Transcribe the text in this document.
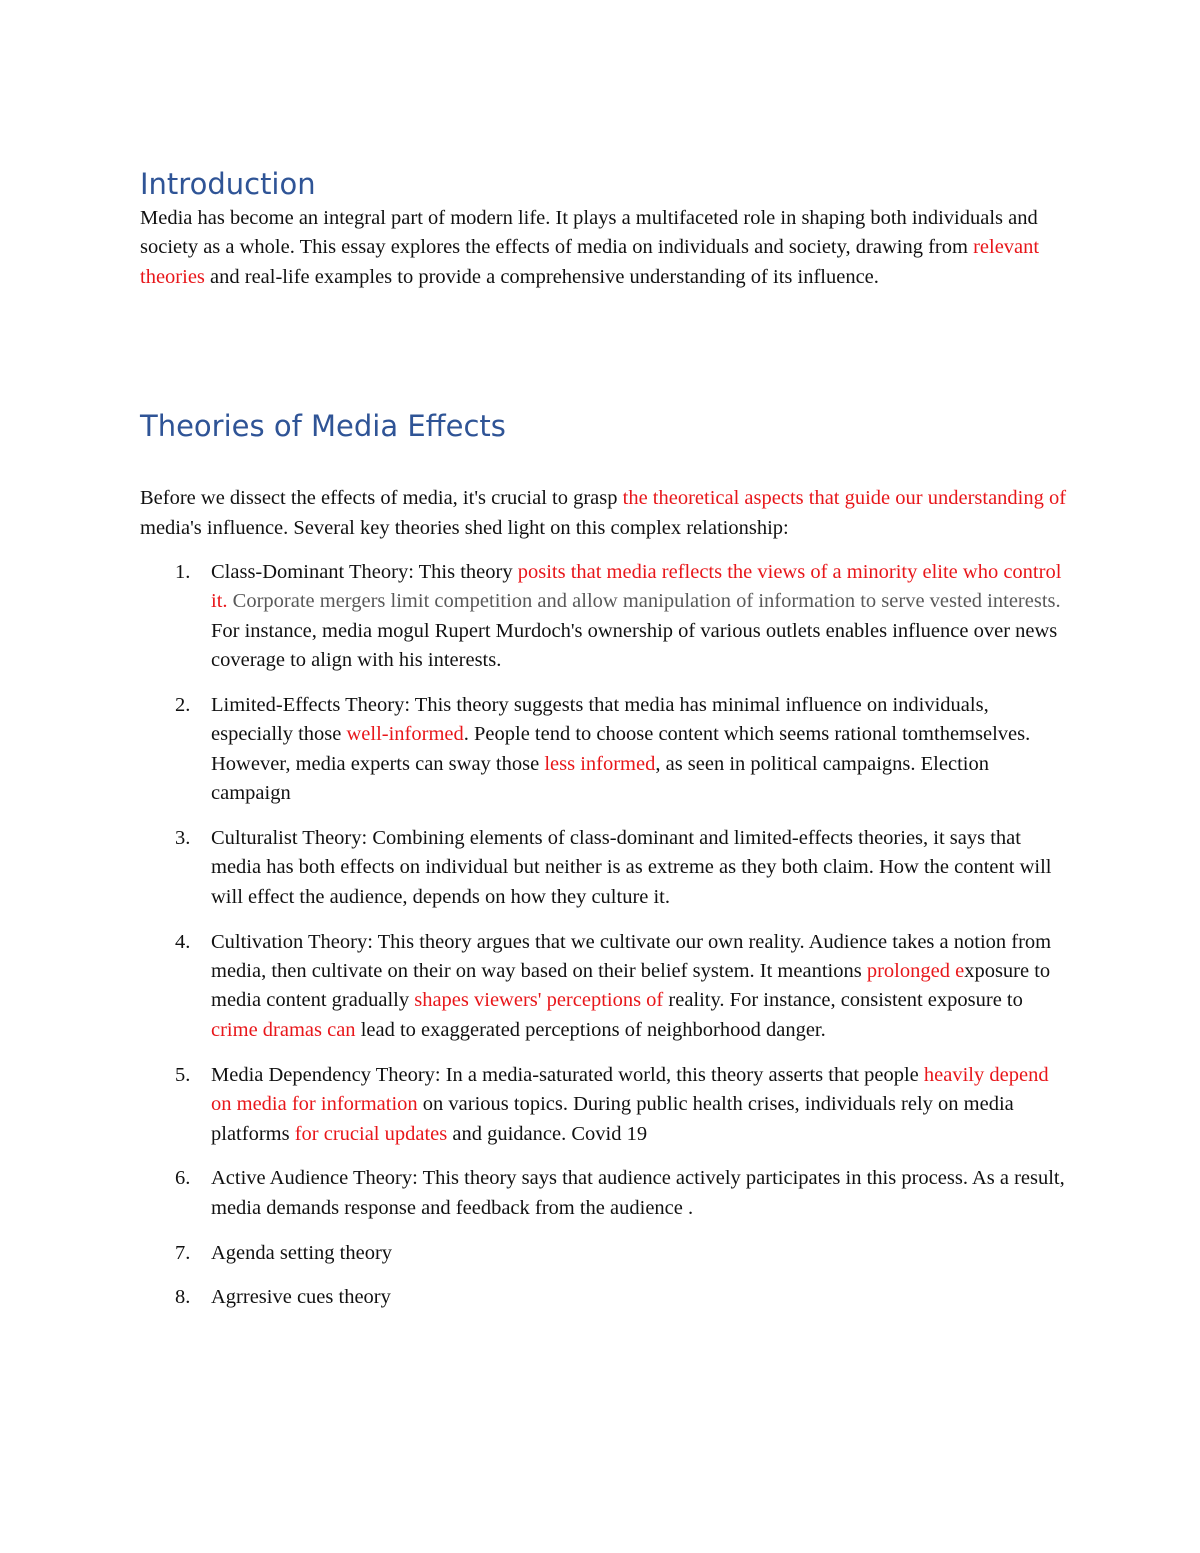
Introduction

Media has become an integral part of modern life. It plays a multifaceted role in shaping both individuals and society as a whole. This essay explores the effects of media on individuals and society, drawing from relevant theories and real-life examples to provide a comprehensive understanding of its influence.

Theories of Media Effects

Before we dissect the effects of media, it's crucial to grasp the theoretical aspects that guide our understanding of media's influence. Several key theories shed light on this complex relationship:

1. Class-Dominant Theory: This theory posits that media reflects the views of a minority elite who control it. Corporate mergers limit competition and allow manipulation of information to serve vested interests. For instance, media mogul Rupert Murdoch's ownership of various outlets enables influence over news coverage to align with his interests.
2. Limited-Effects Theory: This theory suggests that media has minimal influence on individuals, especially those well-informed. People tend to choose content which seems rational tomthemselves. However, media experts can sway those less informed, as seen in political campaigns. Election campaign
3. Culturalist Theory: Combining elements of class-dominant and limited-effects theories, it says that media has both effects on individual but neither is as extreme as they both claim. How the content will will effect the audience, depends on how they culture it.
4. Cultivation Theory: This theory argues that we cultivate our own reality. Audience takes a notion from media, then cultivate on their on way based on their belief system. It meantions prolonged exposure to media content gradually shapes viewers' perceptions of reality. For instance, consistent exposure to crime dramas can lead to exaggerated perceptions of neighborhood danger.
5. Media Dependency Theory: In a media-saturated world, this theory asserts that people heavily depend on media for information on various topics. During public health crises, individuals rely on media platforms for crucial updates and guidance. Covid 19
6. Active Audience Theory: This theory says that audience actively participates in this process. As a result, media demands response and feedback from the audience .
7. Agenda setting theory
8. Agrresive cues theory
